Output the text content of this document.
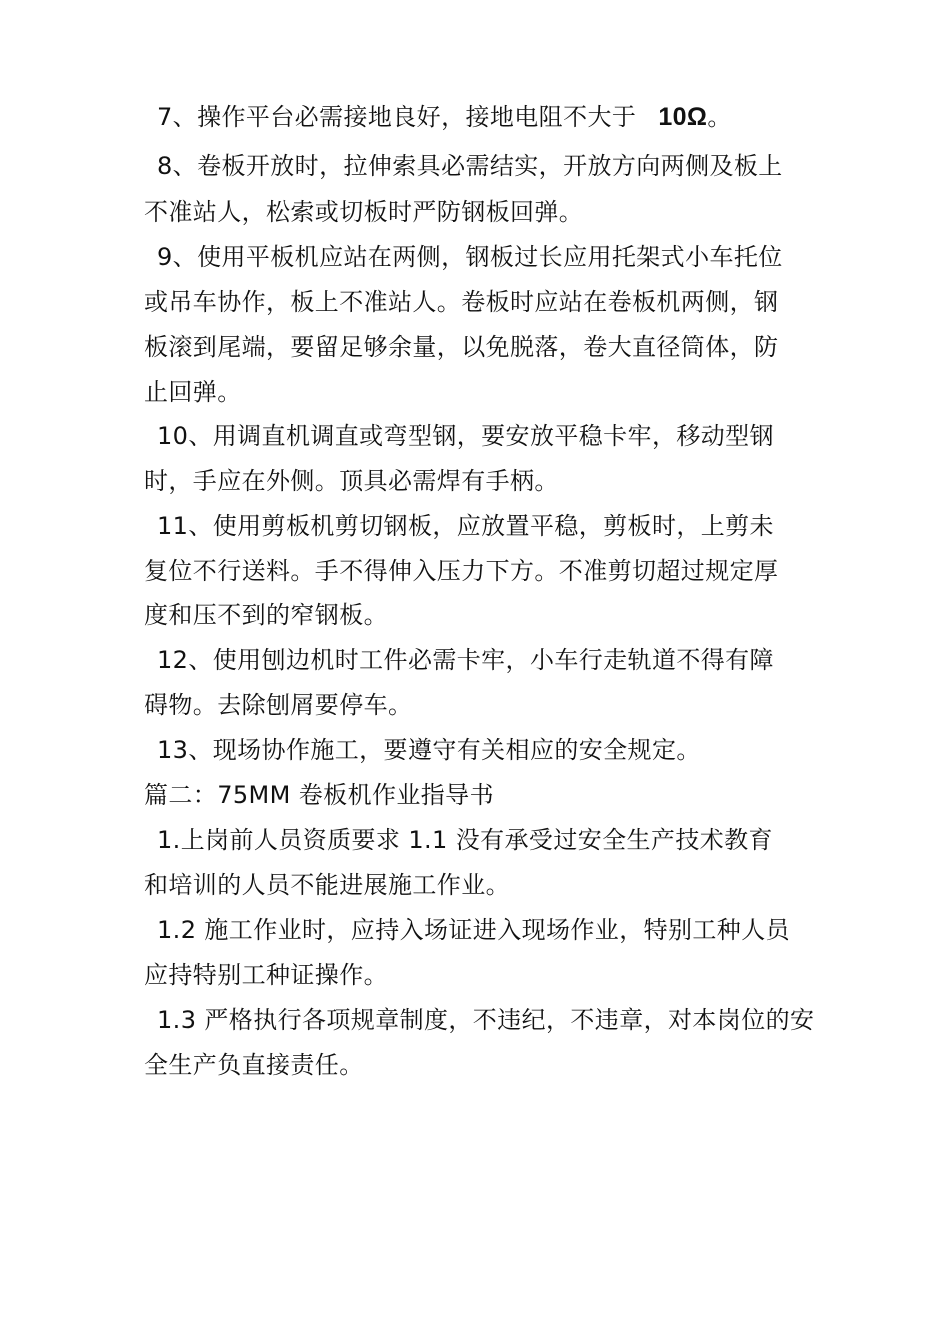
7、操作平台必需接地良好，接地电阻不大于 10Ω。
8、卷板开放时，拉伸索具必需结实，开放方向两侧及板上
不准站人，松索或切板时严防钢板回弹。
9、使用平板机应站在两侧，钢板过长应用托架式小车托位
或吊车协作，板上不准站人。卷板时应站在卷板机两侧，钢
板滚到尾端，要留足够余量，以免脱落，卷大直径筒体，防
止回弹。
10、用调直机调直或弯型钢，要安放平稳卡牢，移动型钢
时，手应在外侧。顶具必需焊有手柄。
11、使用剪板机剪切钢板，应放置平稳，剪板时，上剪未
复位不行送料。手不得伸入压力下方。不准剪切超过规定厚
度和压不到的窄钢板。
12、使用刨边机时工件必需卡牢，小车行走轨道不得有障
碍物。去除刨屑要停车。
13、现场协作施工，要遵守有关相应的安全规定。
篇二：75MM 卷板机作业指导书
1.上岗前人员资质要求 1.1 没有承受过安全生产技术教育
和培训的人员不能进展施工作业。
1.2 施工作业时，应持入场证进入现场作业，特别工种人员
应持特别工种证操作。
1.3 严格执行各项规章制度，不违纪，不违章，对本岗位的安
全生产负直接责任。
